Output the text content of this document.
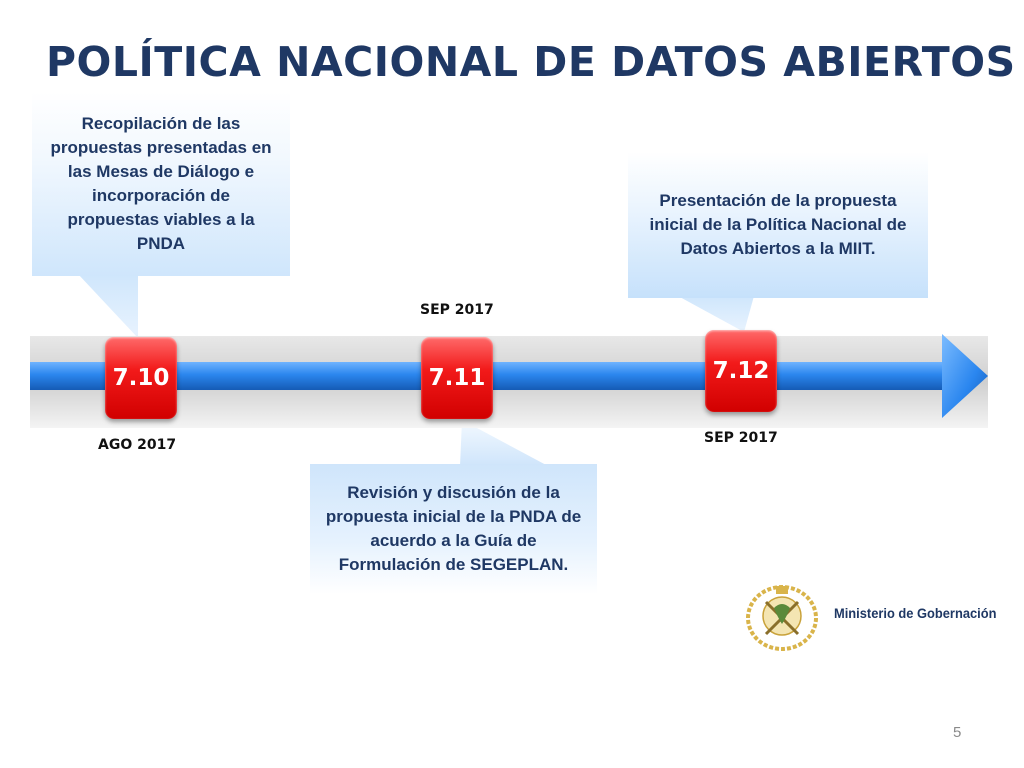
POLÍTICA NACIONAL DE DATOS ABIERTOS
Recopilación de las propuestas presentadas en las Mesas de Diálogo e incorporación de propuestas viables a la PNDA
Presentación de la propuesta inicial de la Política Nacional de Datos Abiertos a la MIIT.
Revisión y discusión de la propuesta inicial de la PNDA de acuerdo a la Guía de Formulación de SEGEPLAN.
7.10	7.11	7.12
AGO 2017
SEP 2017
SEP 2017
Ministerio de Gobernación
5
